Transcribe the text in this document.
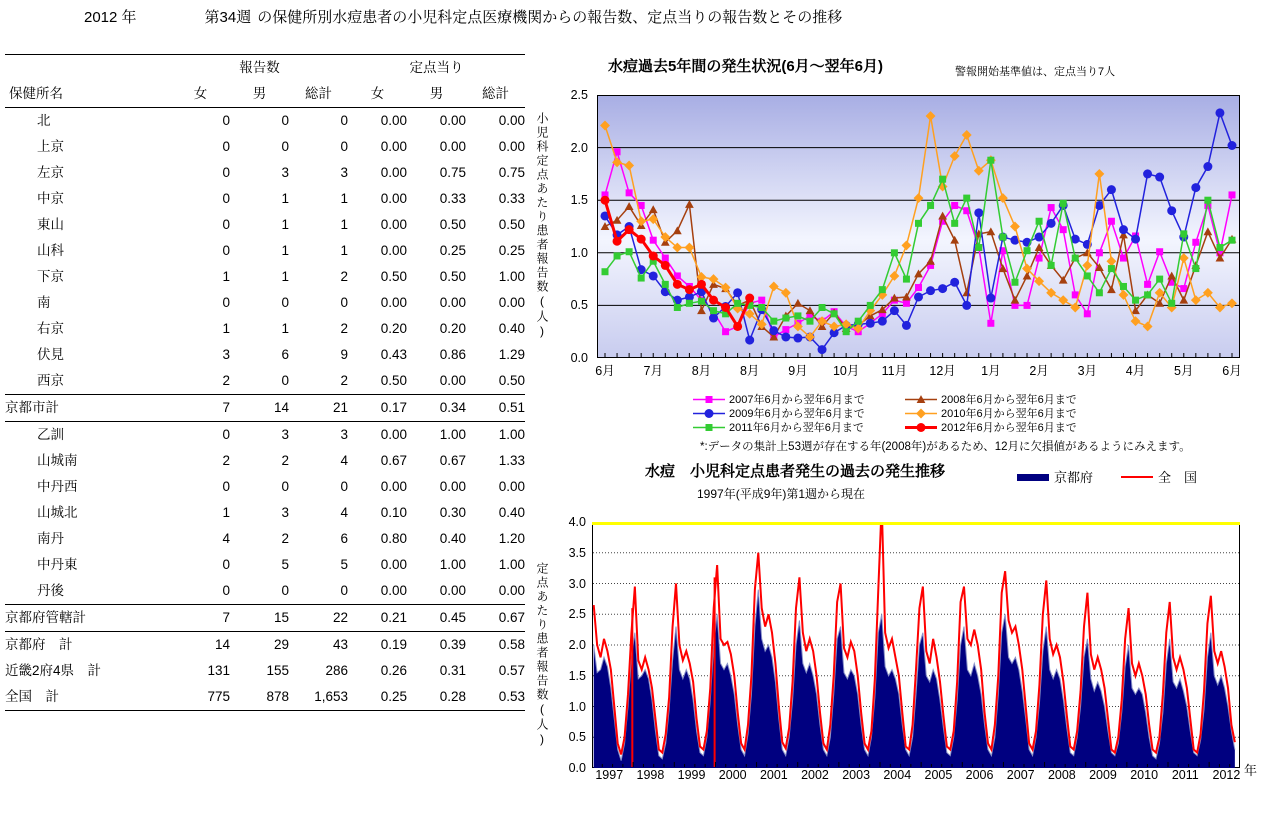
2012 年	第34週 の保健所別水痘患者の小児科定点医療機関からの報告数、定点当りの報告数とその推移
	報告数			定点当り		
保健所名	女	男	総計	女	男	総計
北	0	0	0	0.00	0.00	0.00
上京	0	0	0	0.00	0.00	0.00
左京	0	3	3	0.00	0.75	0.75
中京	0	1	1	0.00	0.33	0.33
東山	0	1	1	0.00	0.50	0.50
山科	0	1	1	0.00	0.25	0.25
下京	1	1	2	0.50	0.50	1.00
南	0	0	0	0.00	0.00	0.00
右京	1	1	2	0.20	0.20	0.40
伏見	3	6	9	0.43	0.86	1.29
西京	2	0	2	0.50	0.00	0.50
京都市計	7	14	21	0.17	0.34	0.51
乙訓	0	3	3	0.00	1.00	1.00
山城南	2	2	4	0.67	0.67	1.33
中丹西	0	0	0	0.00	0.00	0.00
山城北	1	3	4	0.10	0.30	0.40
南丹	4	2	6	0.80	0.40	1.20
中丹東	0	5	5	0.00	1.00	1.00
丹後	0	0	0	0.00	0.00	0.00
京都府管轄計	7	15	22	0.21	0.45	0.67
京都府　計	14	29	43	0.19	0.39	0.58
近畿2府4県　計	131	155	286	0.26	0.31	0.57
全国　計	775	878	1,653	0.25	0.28	0.53
水痘過去5年間の発生状況(6月〜翌年6月)	警報開始基準値は、定点当り7人
小児科定点あたり患者報告数(人)
0.0
0.5
1.0
1.5
2.0
2.5
6月 7月 8月 8月 9月 10月 11月 12月 1月 2月 3月 4月 5月 6月
2007年6月から翌年6月まで	2008年6月から翌年6月まで
2009年6月から翌年6月まで	2010年6月から翌年6月まで
2011年6月から翌年6月まで	2012年6月から翌年6月まで
*:データの集計上53週が存在する年(2008年)があるため、12月に欠損値があるようにみえます。
水痘　小児科定点患者発生の過去の発生推移
1997年(平成9年)第1週から現在
京都府	全　国
定点あたり患者報告数(人)
0.0
0.5
1.0
1.5
2.0
2.5
3.0
3.5
4.0
1997 1998 1999 2000 2001 2002 2003 2004 2005 2006 2007 2008 2009 2010 2011 2012 年
